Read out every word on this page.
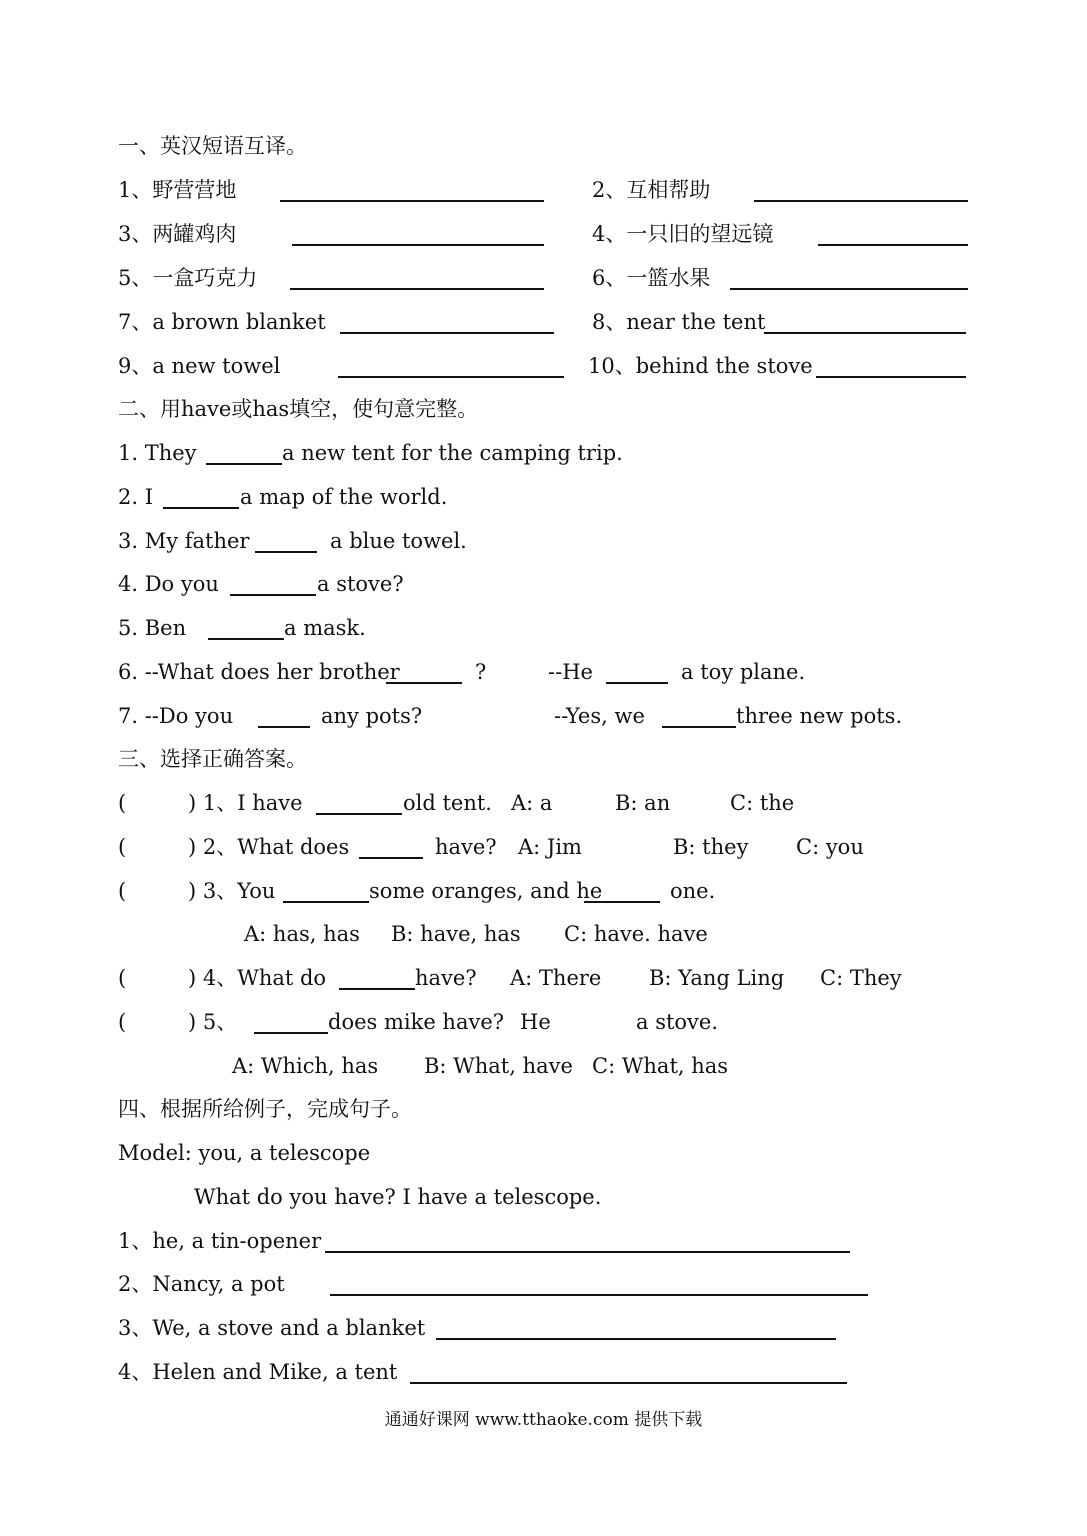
一、英汉短语互译。
1、野营营地	2、互相帮助
3、两罐鸡肉	4、一只旧的望远镜
5、一盒巧克力	6、一篮水果
7、a brown blanket	8、near the tent
9、a new towel	10、behind the stove
二、用have或has填空，使句意完整。
1. They	a new tent for the camping trip.
2. I	a map of the world.
3. My father	a blue towel.
4. Do you	a stove?
5. Ben	a mask.
6. --What does her brother	?	--He	a toy plane.
7. --Do you	any pots?	--Yes, we	three new pots.
三、选择正确答案。
(	) 1、I have	old tent. A: a	B: an	C: the
(	) 2、What does	have? A: Jim	B: they C: you
(	) 3、You	some oranges, and he	one.
A: has, has B: have, has C: have. have
(	) 4、What do	have? A: There B: Yang Ling C: They
(	) 5、	does mike have? He	a stove.
A: Which, has B: What, have C: What, has
四、根据所给例子，完成句子。
Model: you, a telescope
What do you have? I have a telescope.
1、he, a tin-opener
2、Nancy, a pot
3、We, a stove and a blanket
4、Helen and Mike, a tent
通通好课网 www.tthaoke.com 提供下载
